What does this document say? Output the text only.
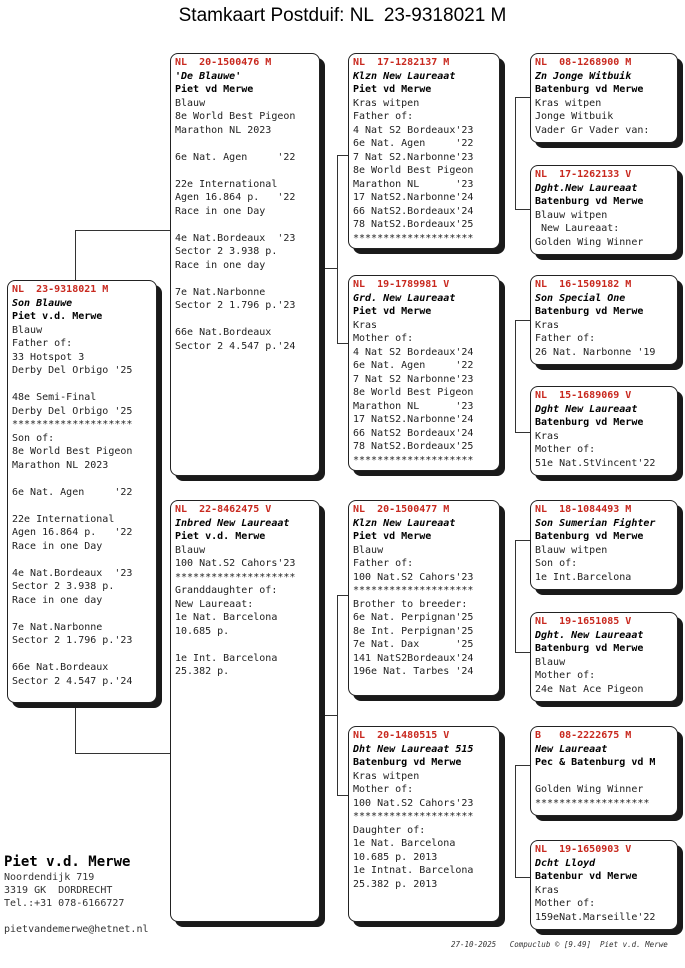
Stamkaart Postduif: NL  23-9318021 M
NL  23-9318021 M
Son Blauwe
Piet v.d. Merwe
Blauw
Father of:
33 Hotspot 3
Derby Del Orbigo '25
48e Semi-Final
Derby Del Orbigo '25
********************
Son of:
8e World Best Pigeon
Marathon NL 2023
6e Nat. Agen     '22
22e International
Agen 16.864 p.   '22
Race in one Day
4e Nat.Bordeaux  '23
Sector 2 3.938 p.
Race in one day
7e Nat.Narbonne
Sector 2 1.796 p.'23
66e Nat.Bordeaux
Sector 2 4.547 p.'24
NL  20-1500476 M
'De Blauwe'
Piet vd Merwe
Blauw
8e World Best Pigeon
Marathon NL 2023
6e Nat. Agen     '22
22e International
Agen 16.864 p.   '22
Race in one Day
4e Nat.Bordeaux  '23
Sector 2 3.938 p.
Race in one day
7e Nat.Narbonne
Sector 2 1.796 p.'23
66e Nat.Bordeaux
Sector 2 4.547 p.'24
NL  22-8462475 V
Inbred New Laureaat
Piet v.d. Merwe
Blauw
100 Nat.S2 Cahors'23
********************
Granddaughter of:
New Laureaat:
1e Nat. Barcelona
10.685 p.
1e Int. Barcelona
25.382 p.
NL  17-1282137 M
Klzn New Laureaat
Piet vd Merwe
Kras witpen
Father of:
4 Nat S2 Bordeaux'23
6e Nat. Agen     '22
7 Nat S2.Narbonne'23
8e World Best Pigeon
Marathon NL      '23
17 NatS2.Narbonne'24
66 NatS2.Bordeaux'24
78 NatS2.Bordeaux'25
********************
NL  19-1789981 V
Grd. New Laureaat
Piet vd Merwe
Kras
Mother of:
4 Nat S2 Bordeaux'24
6e Nat. Agen     '22
7 Nat S2 Narbonne'23
8e World Best Pigeon
Marathon NL      '23
17 NatS2.Narbonne'24
66 NatS2 Bordeaux'24
78 NatS2.Bordeaux'25
********************
NL  20-1500477 M
Klzn New Laureaat
Piet vd Merwe
Blauw
Father of:
100 Nat.S2 Cahors'23
********************
Brother to breeder:
6e Nat. Perpignan'25
8e Int. Perpignan'25
7e Nat. Dax      '25
141 NatS2Bordeaux'24
196e Nat. Tarbes '24
NL  20-1480515 V
Dht New Laureaat 515
Batenburg vd Merwe
Kras witpen
Mother of:
100 Nat.S2 Cahors'23
********************
Daughter of:
1e Nat. Barcelona
10.685 p. 2013
1e Intnat. Barcelona
25.382 p. 2013
NL  08-1268900 M
Zn Jonge Witbuik
Batenburg vd Merwe
Kras witpen
Jonge Witbuik
Vader Gr Vader van:
NL  17-1262133 V
Dght.New Laureaat
Batenburg vd Merwe
Blauw witpen
New Laureaat:
Golden Wing Winner
NL  16-1509182 M
Son Special One
Batenburg vd Merwe
Kras
Father of:
26 Nat. Narbonne '19
NL  15-1689069 V
Dght New Laureaat
Batenburg vd Merwe
Kras
Mother of:
51e Nat.StVincent'22
NL  18-1084493 M
Son Sumerian Fighter
Batenburg vd Merwe
Blauw witpen
Son of:
1e Int.Barcelona
NL  19-1651085 V
Dght. New Laureaat
Batenburg vd Merwe
Blauw
Mother of:
24e Nat Ace Pigeon
B   08-2222675 M
New Laureaat
Pec & Batenburg vd M
Golden Wing Winner
*******************
NL  19-1650903 V
Dcht Lloyd
Batenbur vd Merwe
Kras
Mother of:
159eNat.Marseille'22
Piet v.d. Merwe
Noordendijk 719
3319 GK  DORDRECHT
Tel.:+31 078-6166727
pietvandemerwe@hetnet.nl
27-10-2025   Compuclub © [9.49]  Piet v.d. Merwe
